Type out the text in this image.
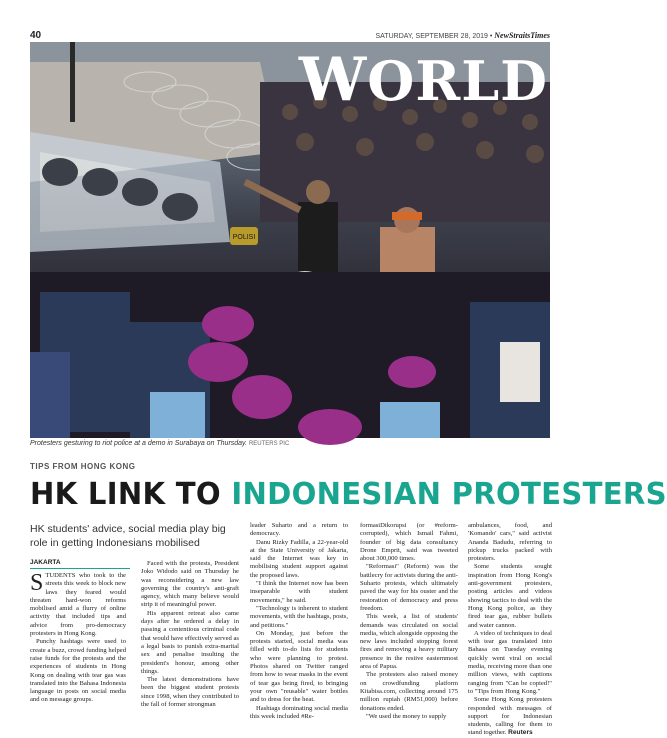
40	SATURDAY, SEPTEMBER 28, 2019 • NewStraitsTimes
POLISI
WORLD
Protesters gesturing to riot police at a demo in Surabaya on Thursday. REUTERS PIC
TIPS FROM HONG KONG
HK LINK TO INDONESIAN PROTESTERS
HK students' advice, social media play big role in getting Indonesians mobilised
JAKARTA

STUDENTS who took to the streets this week to block new laws they feared would threaten hard-won reforms mobilised amid a flurry of online activity that included tips and advice from pro-democracy protesters in Hong Kong.

Punchy hashtags were used to create a buzz, crowd funding helped raise funds for the protests and the experiences of students in Hong Kong on dealing with tear gas was translated into the Bahasa Indonesia language in posts on social media and on message groups.

Faced with the protests, President Joko Widodo said on Thursday he was reconsidering a new law governing the country's anti-graft agency, which many believe would strip it of meaningful power.

His apparent retreat also came days after he ordered a delay in passing a contentious criminal code that would have effectively served as a legal basis to punish extra-marital sex and penalise insulting the president's honour, among other things.

The latest demonstrations have been the biggest student protests since 1998, when they contributed to the fall of former strongman

leader Suharto and a return to democracy.

Danu Rizky Fadilla, a 22-year-old at the State University of Jakarta, said the Internet was key in mobilising student support against the proposed laws.

"I think the Internet now has been inseparable with student movements," he said.

"Technology is inherent to student movements, with the hashtags, posts, and petitions."

On Monday, just before the protests started, social media was filled with to-do lists for students who were planning to protest. Photos shared on Twitter ranged from how to wear masks in the event of tear gas being fired, to bringing your own "reusable" water bottles and to dress for the heat.

Hashtags dominating social media this week included #Re-

formasiDikorupsi (or #reform-corrupted), which Ismail Fahmi, founder of big data consultancy Drone Emprit, said was tweeted about 300,000 times.

"Reformasi" (Reform) was the battlecry for activists during the anti-Suharto protests, which ultimately paved the way for his ouster and the restoration of democracy and press freedom.

This week, a list of students' demands was circulated on social media, which alongside opposing the new laws included stopping forest fires and removing a heavy military presence in the restive easternmost area of Papua.

The protesters also raised money on crowdfunding platform Kitabisa.com, collecting around 175 million rupiah (RM51,000) before donations ended.

"We used the money to supply

ambulances, food, and 'Komando' cars," said activist Ananda Badudu, referring to pickup trucks packed with protesters.

Some students sought inspiration from Hong Kong's anti-government protesters, posting articles and videos showing tactics to deal with the Hong Kong police, as they fired tear gas, rubber bullets and water cannon.

A video of techniques to deal with tear gas translated into Bahasa on Tuesday evening quickly went viral on social media, receiving more than one million views, with captions ranging from "Can be copied!" to "Tips from Hong Kong."

Some Hong Kong protesters responded with messages of support for Indonesian students, calling for them to stand together. Reuters
